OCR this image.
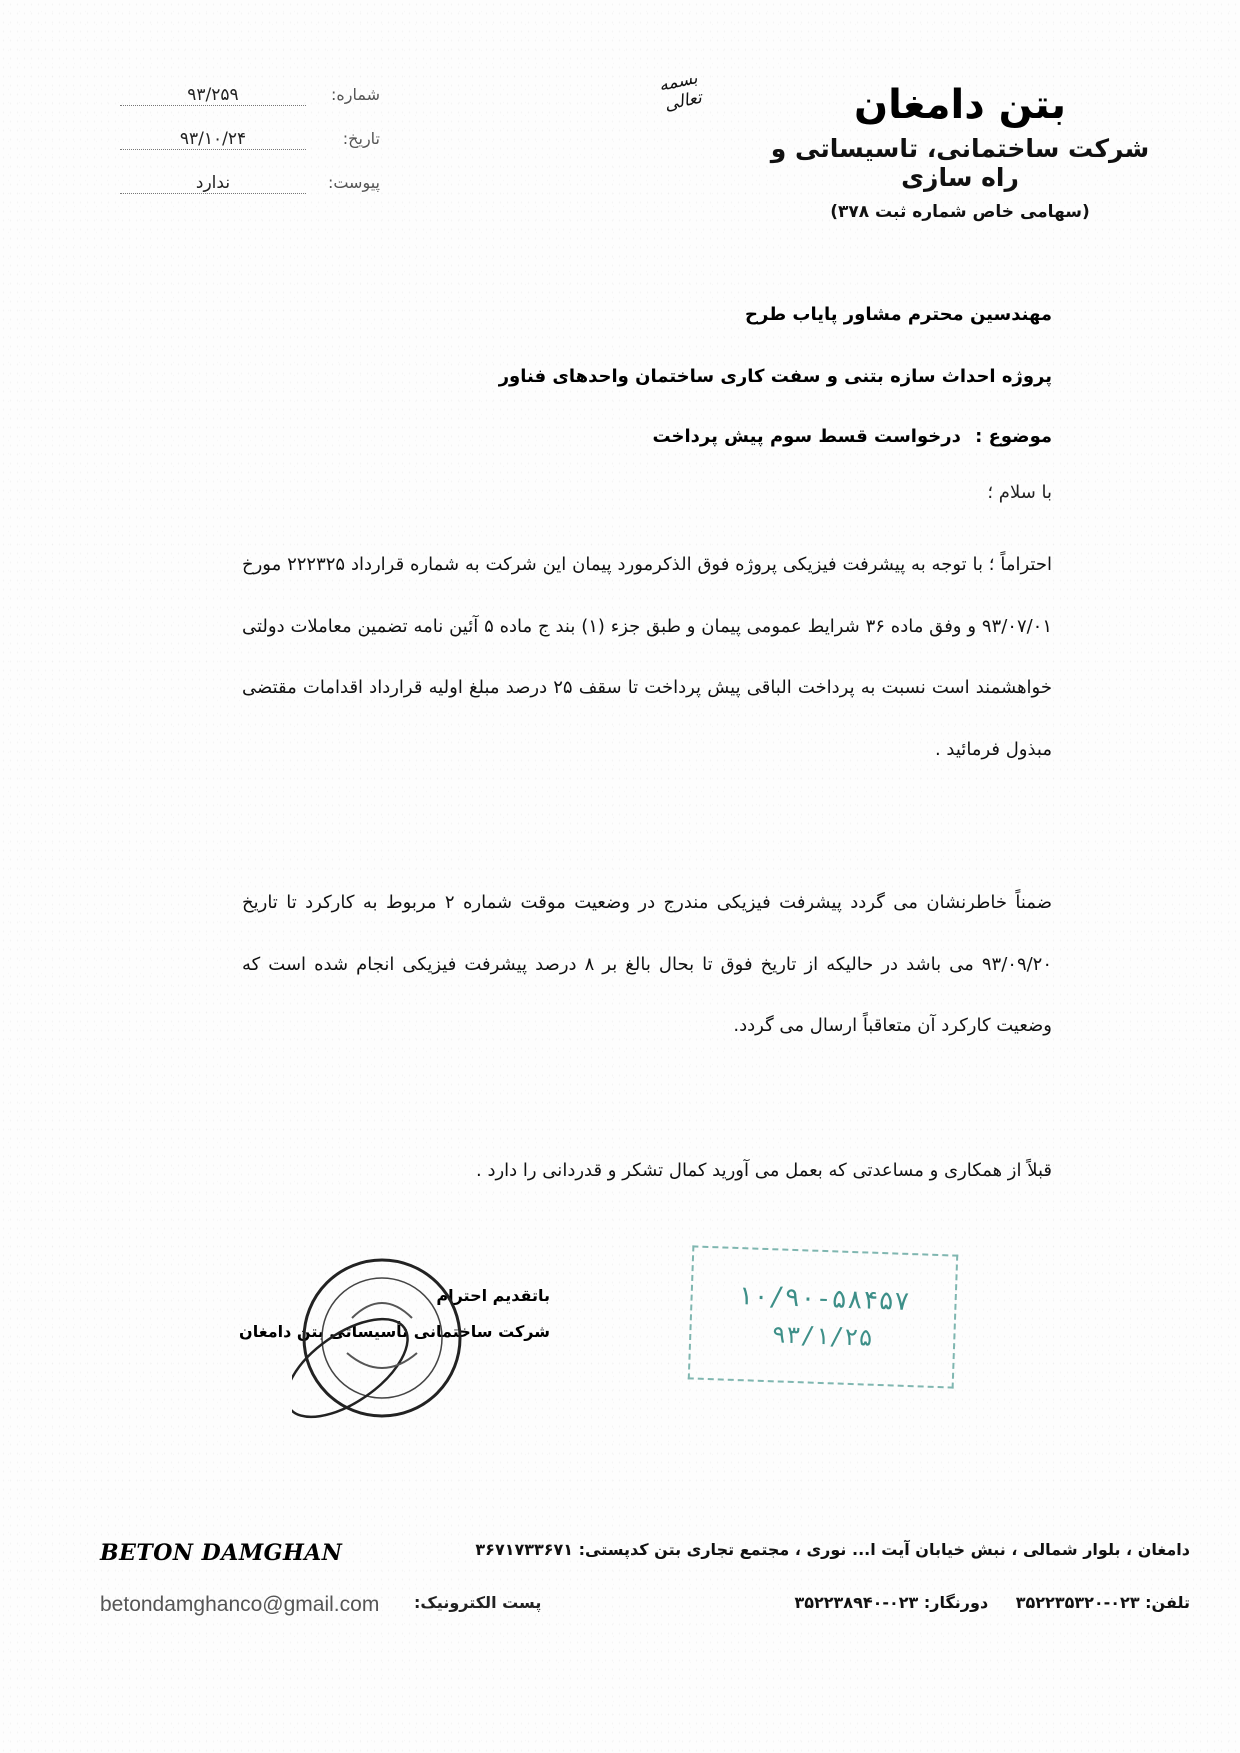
بتن دامغان
شرکت ساختمانی، تاسیساتی و راه سازی
(سهامی خاص شماره ثبت ۳۷۸)
بسمه تعالی
شماره:
۹۳/۲۵۹
تاریخ:
۹۳/۱۰/۲۴
پیوست:
ندارد
مهندسین محترم مشاور پایاب طرح
پروژه احداث سازه بتنی و سفت کاری ساختمان واحدهای فناور
موضوع : درخواست قسط سوم پیش پرداخت
با سلام ؛
احتراماً ؛ با توجه به پیشرفت فیزیکی پروژه فوق الذکرمورد پیمان این شرکت به شماره قرارداد ۲۲۲۳۲۵ مورخ ۹۳/۰۷/۰۱ و وفق ماده ۳۶ شرایط عمومی پیمان و طبق جزء (۱) بند ج ماده ۵ آئین نامه تضمین معاملات دولتی خواهشمند است نسبت به پرداخت الباقی پیش پرداخت تا سقف ۲۵ درصد مبلغ اولیه قرارداد اقدامات مقتضی مبذول فرمائید .
ضمناً خاطرنشان می گردد پیشرفت فیزیکی مندرج در وضعیت موقت شماره ۲ مربوط به کارکرد تا تاریخ ۹۳/۰۹/۲۰ می باشد در حالیکه از تاریخ فوق تا بحال بالغ بر ۸ درصد پیشرفت فیزیکی انجام شده است که وضعیت کارکرد آن متعاقباً ارسال می گردد.
قبلاً از همکاری و مساعدتی که بعمل می آورید کمال تشکر و قدردانی را دارد .
باتقدیم احترام
شرکت ساختمانی تأسیساتی بتن دامغان
۱۰/۹۰-۵۸۴۵۷
۹۳/۱/۲۵
BETON DAMGHAN
betondamghanco@gmail.com پست الکترونیک:
دامغان ، بلوار شمالی ، نبش خیابان آیت ا... نوری ، مجتمع تجاری بتن کدپستی: ۳۶۷۱۷۳۳۶۷۱
تلفن: ۰۲۳-۳۵۲۲۳۵۳۲۰ دورنگار: ۰۲۳-۳۵۲۲۳۸۹۴۰
